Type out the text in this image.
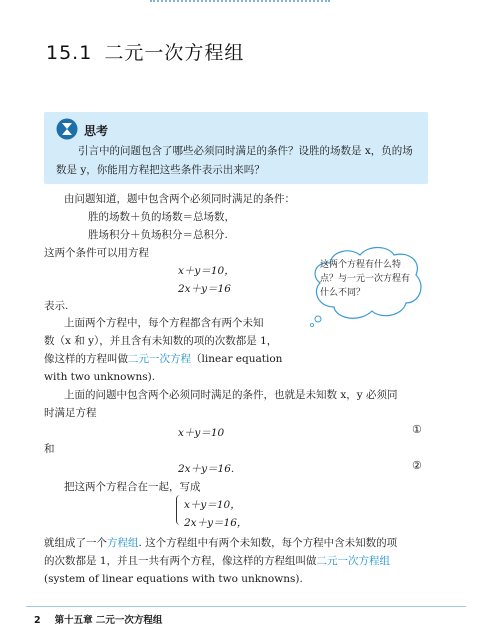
15.1 二元一次方程组
思考
引言中的问题包含了哪些必须同时满足的条件？设胜的场数是 x，负的场数是 y，你能用方程把这些条件表示出来吗？

由问题知道，题中包含两个必须同时满足的条件：

胜的场数＋负的场数＝总场数，

胜场积分＋负场积分＝总积分.

这两个条件可以用方程

x＋y＝10，
2x＋y＝16

表示.

这两个方程有什么特点？与一元一次方程有什么不同？

上面两个方程中，每个方程都含有两个未知

数（x 和 y），并且含有未知数的项的次数都是 1，

像这样的方程叫做二元一次方程（linear equation

with two unknowns).

上面的问题中包含两个必须同时满足的条件，也就是未知数 x，y 必须同

时满足方程

x＋y＝10	①

和

2x＋y＝16.	②

把这两个方程合在一起，写成

x＋y＝10，
2x＋y＝16，

就组成了一个方程组. 这个方程组中有两个未知数，每个方程中含未知数的项

的次数都是 1，并且一共有两个方程，像这样的方程组叫做二元一次方程组

(system of linear equations with two unknowns).

2 第十五章 二元一次方程组
